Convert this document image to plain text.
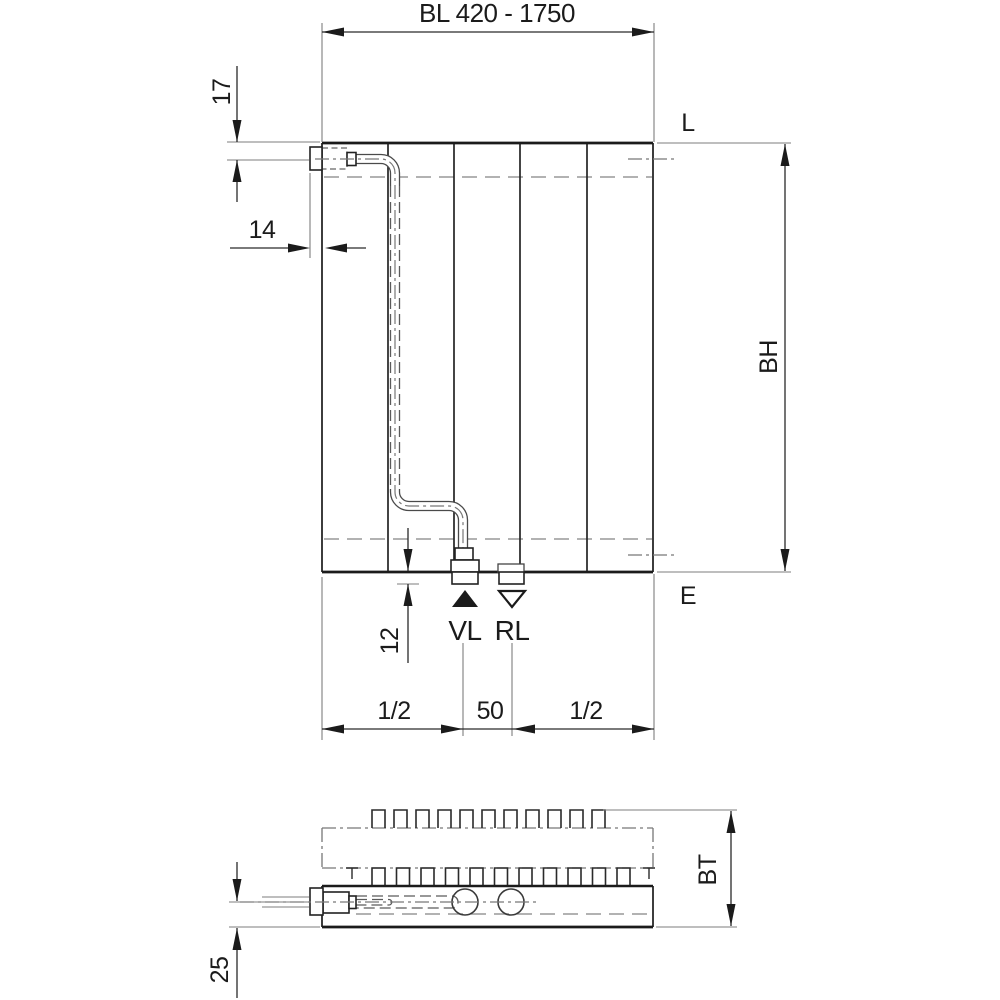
VL RL
L
E
BL 420 - 1750
17
14
BH
12
1/2	50	1/2
BT
25
